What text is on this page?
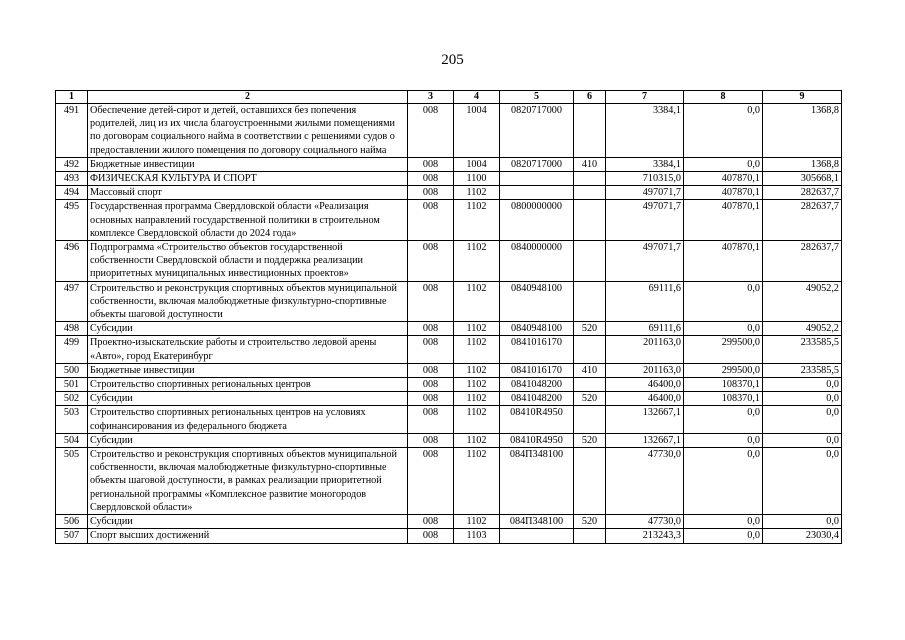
205
1	2	3	4	5	6	7	8	9
491	Обеспечение детей-сирот и детей, оставшихся без попечения родителей, лиц из их числа благоустроенными жилыми помещениями по договорам социального найма в соответствии с решениями судов о предоставлении жилого помещения по договору социального найма	008	1004	0820717000		3384,1	0,0	1368,8
492	Бюджетные инвестиции	008	1004	0820717000	410	3384,1	0,0	1368,8
493	ФИЗИЧЕСКАЯ КУЛЬТУРА И СПОРТ	008	1100			710315,0	407870,1	305668,1
494	Массовый спорт	008	1102			497071,7	407870,1	282637,7
495	Государственная программа Свердловской области «Реализация основных направлений государственной политики в строительном комплексе Свердловской области до 2024 года»	008	1102	0800000000		497071,7	407870,1	282637,7
496	Подпрограмма «Строительство объектов государственной собственности Свердловской области и поддержка реализации приоритетных муниципальных инвестиционных проектов»	008	1102	0840000000		497071,7	407870,1	282637,7
497	Строительство и реконструкция спортивных объектов муниципальной собственности, включая малобюджетные физкультурно-спортивные объекты шаговой доступности	008	1102	0840948100		69111,6	0,0	49052,2
498	Субсидии	008	1102	0840948100	520	69111,6	0,0	49052,2
499	Проектно-изыскательские работы и строительство ледовой арены «Авто», город Екатеринбург	008	1102	0841016170		201163,0	299500,0	233585,5
500	Бюджетные инвестиции	008	1102	0841016170	410	201163,0	299500,0	233585,5
501	Строительство спортивных региональных центров	008	1102	0841048200		46400,0	108370,1	0,0
502	Субсидии	008	1102	0841048200	520	46400,0	108370,1	0,0
503	Строительство спортивных региональных центров на условиях софинансирования из федерального бюджета	008	1102	08410R4950		132667,1	0,0	0,0
504	Субсидии	008	1102	08410R4950	520	132667,1	0,0	0,0
505	Строительство и реконструкция спортивных объектов муниципальной собственности, включая малобюджетные физкультурно-спортивные объекты шаговой доступности, в рамках реализации приоритетной региональной программы «Комплексное развитие моногородов Свердловской области»	008	1102	084П348100		47730,0	0,0	0,0
506	Субсидии	008	1102	084П348100	520	47730,0	0,0	0,0
507	Спорт высших достижений	008	1103			213243,3	0,0	23030,4
